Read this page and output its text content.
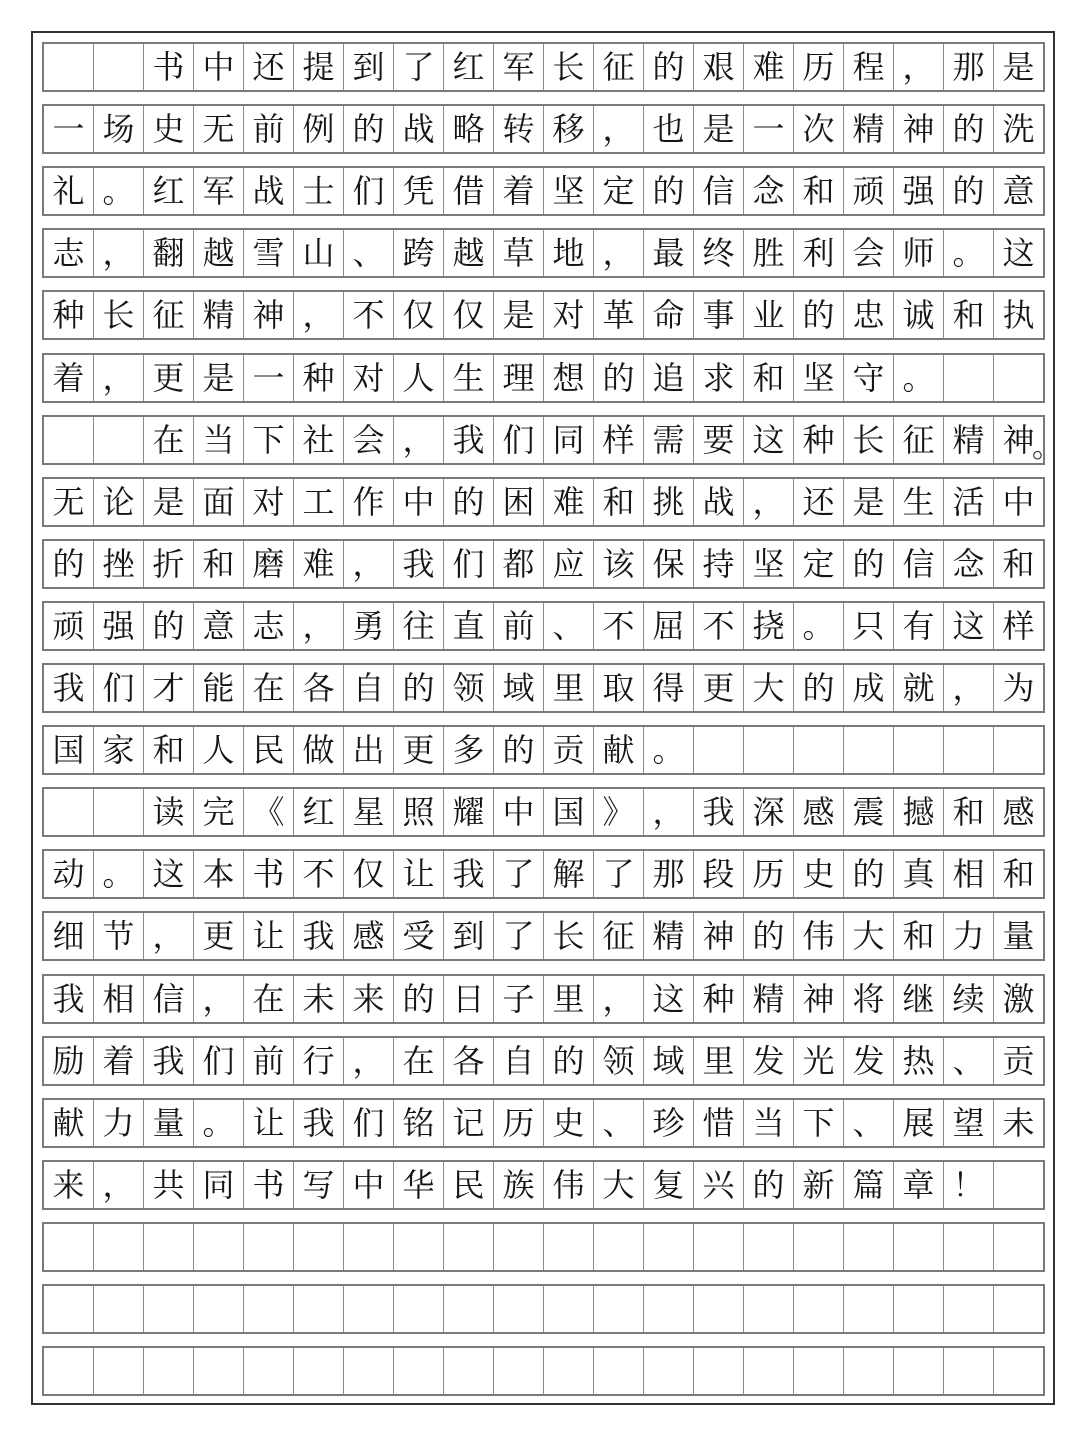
书 中 还 提 到 了 红 军 长 征 的 艰 难 历 程 ， 那 是
一 场 史 无 前 例 的 战 略 转 移 ， 也 是 一 次 精 神 的 洗
礼 。 红 军 战 士 们 凭 借 着 坚 定 的 信 念 和 顽 强 的 意
志 ， 翻 越 雪 山 、 跨 越 草 地 ， 最 终 胜 利 会 师 。 这
种 长 征 精 神 ， 不 仅 仅 是 对 革 命 事 业 的 忠 诚 和 执
着 ， 更 是 一 种 对 人 生 理 想 的 追 求 和 坚 守 。
在 当 下 社 会 ， 我 们 同 样 需 要 这 种 长 征 精 神
无 论 是 面 对 工 作 中 的 困 难 和 挑 战 ， 还 是 生 活 中
的 挫 折 和 磨 难 ， 我 们 都 应 该 保 持 坚 定 的 信 念 和
顽 强 的 意 志 ， 勇 往 直 前 、 不 屈 不 挠 。 只 有 这 样
我 们 才 能 在 各 自 的 领 域 里 取 得 更 大 的 成 就 ， 为
国 家 和 人 民 做 出 更 多 的 贡 献 。
读 完 《 红 星 照 耀 中 国 》 ， 我 深 感 震 撼 和 感
动 。 这 本 书 不 仅 让 我 了 解 了 那 段 历 史 的 真 相 和
细 节 ， 更 让 我 感 受 到 了 长 征 精 神 的 伟 大 和 力 量
我 相 信 ， 在 未 来 的 日 子 里 ， 这 种 精 神 将 继 续 激
励 着 我 们 前 行 ， 在 各 自 的 领 域 里 发 光 发 热 、 贡
献 力 量 。 让 我 们 铭 记 历 史 、 珍 惜 当 下 、 展 望 未
来 ， 共 同 书 写 中 华 民 族 伟 大 复 兴 的 新 篇 章 ！
。
